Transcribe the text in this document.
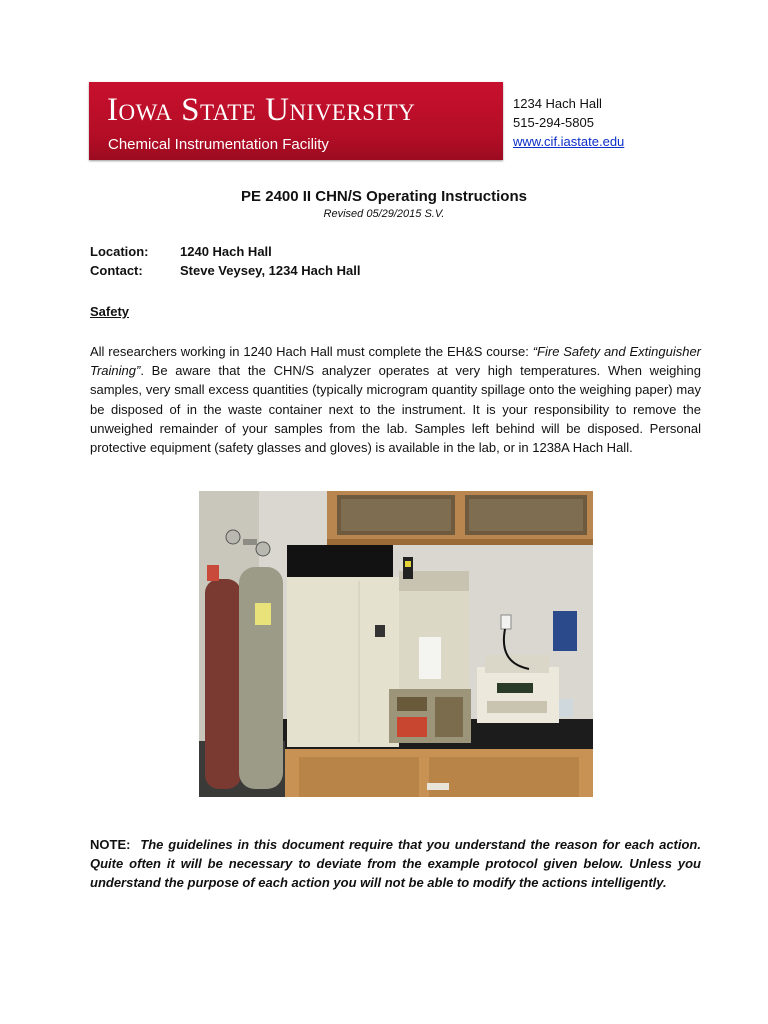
Iowa State University
Chemical Instrumentation Facility
1234 Hach Hall
515-294-5805
www.cif.iastate.edu
PE 2400 II CHN/S Operating Instructions
Revised 05/29/2015 S.V.
Location: 1240 Hach Hall
Contact:	Steve Veysey, 1234 Hach Hall
Safety
All researchers working in 1240 Hach Hall must complete the EH&S course: “Fire Safety and Extinguisher Training”. Be aware that the CHN/S analyzer operates at very high temperatures. When weighing samples, very small excess quantities (typically microgram quantity spillage onto the weighing paper) may be disposed of in the waste container next to the instrument. It is your responsibility to remove the unweighed remainder of your samples from the lab. Samples left behind will be disposed. Personal protective equipment (safety glasses and gloves) is available in the lab, or in 1238A Hach Hall.
NOTE: The guidelines in this document require that you understand the reason for each action. Quite often it will be necessary to deviate from the example protocol given below. Unless you understand the purpose of each action you will not be able to modify the actions intelligently.
